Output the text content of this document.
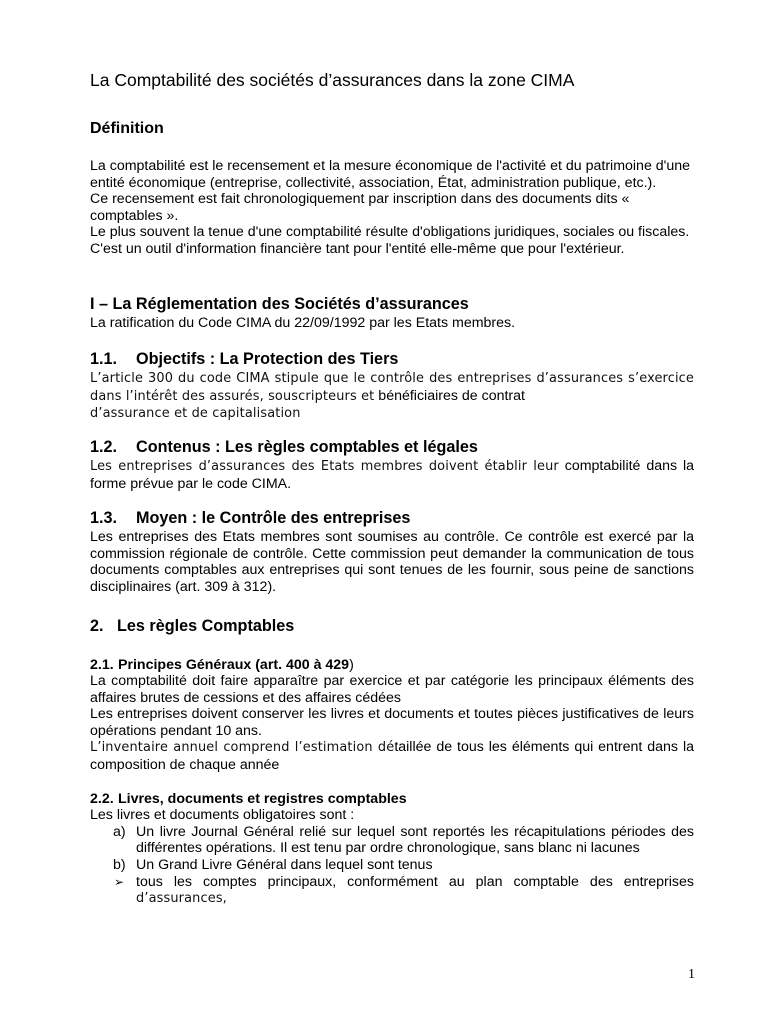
La Comptabilité des sociétés d’assurances dans la zone CIMA
Définition

La comptabilité est le recensement et la mesure économique de l'activité et du patrimoine d'une entité économique (entreprise, collectivité, association, État, administration publique, etc.).

Ce recensement est fait chronologiquement par inscription dans des documents dits « comptables ».

Le plus souvent la tenue d'une comptabilité résulte d'obligations juridiques, sociales ou fiscales. C'est un outil d'information financière tant pour l'entité elle-même que pour l'extérieur.

I – La Réglementation des Sociétés d’assurances

La ratification du Code CIMA du 22/09/1992 par les Etats membres.

1.1. Objectifs : La Protection des Tiers

L’article 300 du code CIMA stipule que le contrôle des entreprises d’assurances s’exercice dans l’intérêt des assurés, souscripteurs et bénéficiaires de contrat
d’assurance et de capitalisation

1.2. Contenus : Les règles comptables et légales

Les entreprises d’assurances des Etats membres doivent établir leur comptabilité dans la forme prévue par le code CIMA.

1.3. Moyen : le Contrôle des entreprises

Les entreprises des Etats membres sont soumises au contrôle. Ce contrôle est exercé par la commission régionale de contrôle. Cette commission peut demander la communication de tous documents comptables aux entreprises qui sont tenues de les fournir, sous peine de sanctions disciplinaires (art. 309 à 312).

2. Les règles Comptables
2.1. Principes Généraux (art. 400 à 429)

La comptabilité doit faire apparaître par exercice et par catégorie les principaux éléments des affaires brutes de cessions et des affaires cédées

Les entreprises doivent conserver les livres et documents et toutes pièces justificatives de leurs opérations pendant 10 ans.

L’inventaire annuel comprend l’estimation détaillée de tous les éléments qui entrent dans la composition de chaque année

2.2. Livres, documents et registres comptables

Les livres et documents obligatoires sont :

a) Un livre Journal Général relié sur lequel sont reportés les récapitulations périodes des différentes opérations. Il est tenu par ordre chronologique, sans blanc ni lacunes
b) Un Grand Livre Général dans lequel sont tenus
➢ tous les comptes principaux, conformément au plan comptable des entreprises d’assurances,
1
